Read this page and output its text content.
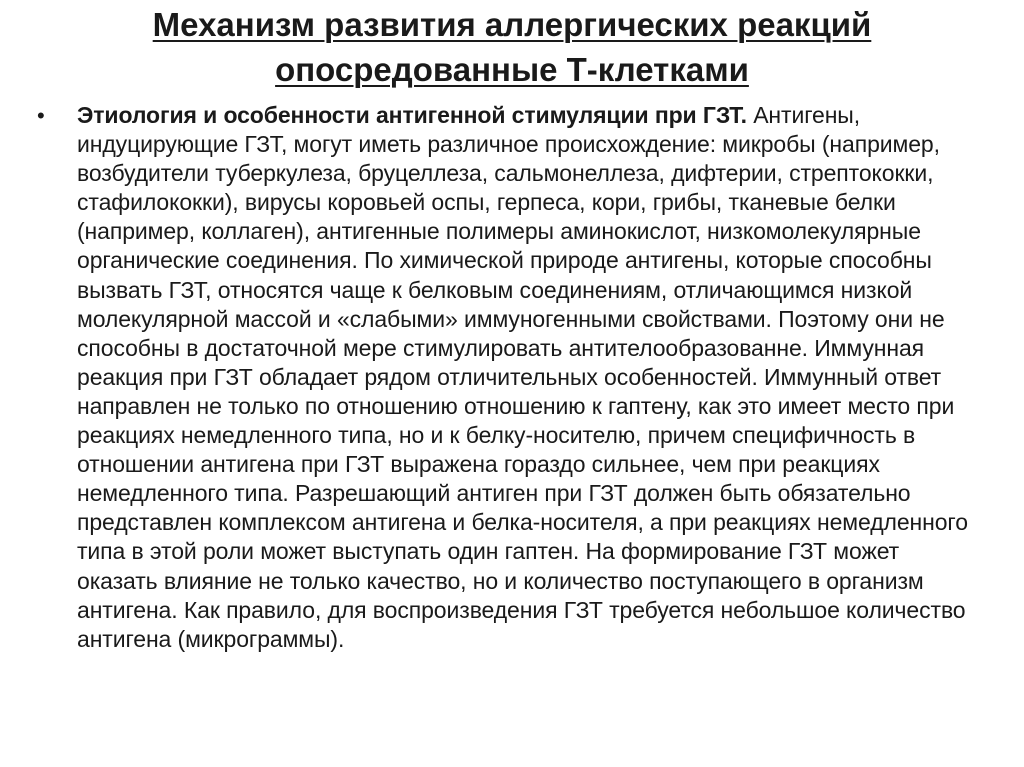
Механизм развития аллергических реакций опосредованные Т-клетками
• Этиология и особенности антигенной стимуляции при ГЗТ. Антигены, индуцирующие ГЗТ, могут иметь различное происхождение: микробы (например, возбудители туберкулеза, бруцеллеза, сальмонеллеза, дифтерии, стрептококки, стафилококки), вирусы коровьей оспы, герпеса, кори, грибы, тканевые белки (например, коллаген), антигенные полимеры аминокислот, низкомолекулярные органические соединения. По химической природе антигены, которые способны вызвать ГЗТ, относятся чаще к белковым соединениям, отличающимся низкой молекулярной массой и «слабыми» иммуногенными свойствами. Поэтому они не способны в достаточной мере стимулировать антителообразованне. Иммунная реакция при ГЗТ обладает рядом отличительных особенностей. Иммунный ответ направлен не только по отношению отношению к гаптену, как это имеет место при реакциях немедленного типа, но и к белку-носителю, причем специфичность в отношении антигена при ГЗТ выражена гораздо сильнее, чем при реакциях немедленного типа. Разрешающий антиген при ГЗТ должен быть обязательно представлен комплексом антигена и белка-носителя, а при реакциях немедленного типа в этой роли может выступать один гаптен. На формирование ГЗТ может оказать влияние не только качество, но и количество поступающего в организм антигена. Как правило, для воспроизведения ГЗТ требуется небольшое количество антигена (микрограммы).
